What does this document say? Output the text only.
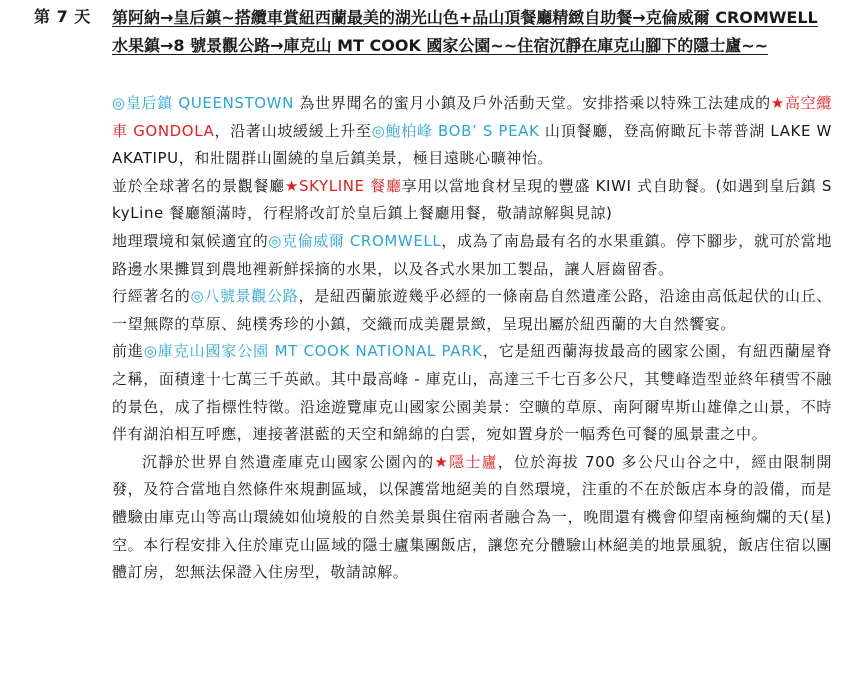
第 7 天 第阿納→皇后鎮~搭纜車賞紐西蘭最美的湖光山色+品山頂餐廳精緻自助餐→克倫威爾 CROMWELL 水果鎮→8 號景觀公路→庫克山 MT COOK 國家公園~~住宿沉靜在庫克山腳下的隱士廬~~

◎皇后鎮 QUEENSTOWN 為世界聞名的蜜月小鎮及戶外活動天堂。安排搭乘以特殊工法建成的★高空纜車 GONDOLA，沿著山坡緩緩上升至◎鮑柏峰 BOB’ S PEAK 山頂餐廳，登高俯瞰瓦卡蒂普湖 LAKE WAKATIPU，和壯闊群山圍繞的皇后鎮美景，極目遠眺心曠神怡。

並於全球著名的景觀餐廳★SKYLINE 餐廳享用以當地食材呈現的豐盛 KIWI 式自助餐。(如遇到皇后鎮 SkyLine 餐廳額滿時，行程將改訂於皇后鎮上餐廳用餐，敬請諒解與見諒)

地理環境和氣候適宜的◎克倫威爾 CROMWELL，成為了南島最有名的水果重鎮。停下腳步，就可於當地路邊水果攤買到農地裡新鮮採摘的水果，以及各式水果加工製品，讓人唇齒留香。

行經著名的◎八號景觀公路，是紐西蘭旅遊幾乎必經的一條南島自然遺產公路，沿途由高低起伏的山丘、一望無際的草原、純樸秀珍的小鎮，交織而成美麗景緻，呈現出屬於紐西蘭的大自然饗宴。

前進◎庫克山國家公園 MT COOK NATIONAL PARK，它是紐西蘭海拔最高的國家公園，有紐西蘭屋脊之稱，面積達十七萬三千英畝。其中最高峰 - 庫克山，高達三千七百多公尺，其雙峰造型並終年積雪不融的景色，成了指標性特徵。沿途遊覽庫克山國家公園美景：空曠的草原、南阿爾卑斯山雄偉之山景，不時伴有湖泊相互呼應，連接著湛藍的天空和綿綿的白雲，宛如置身於一幅秀色可餐的風景畫之中。

沉靜於世界自然遺產庫克山國家公園內的★隱士廬，位於海拔 700 多公尺山谷之中，經由限制開發，及符合當地自然條件來規劃區域，以保護當地絕美的自然環境，注重的不在於飯店本身的設備，而是體驗由庫克山等高山環繞如仙境般的自然美景與住宿兩者融合為一，晚間還有機會仰望南極絢爛的天(星)空。本行程安排入住於庫克山區域的隱士廬集團飯店，讓您充分體驗山林絕美的地景風貌，飯店住宿以團體訂房，恕無法保證入住房型，敬請諒解。
